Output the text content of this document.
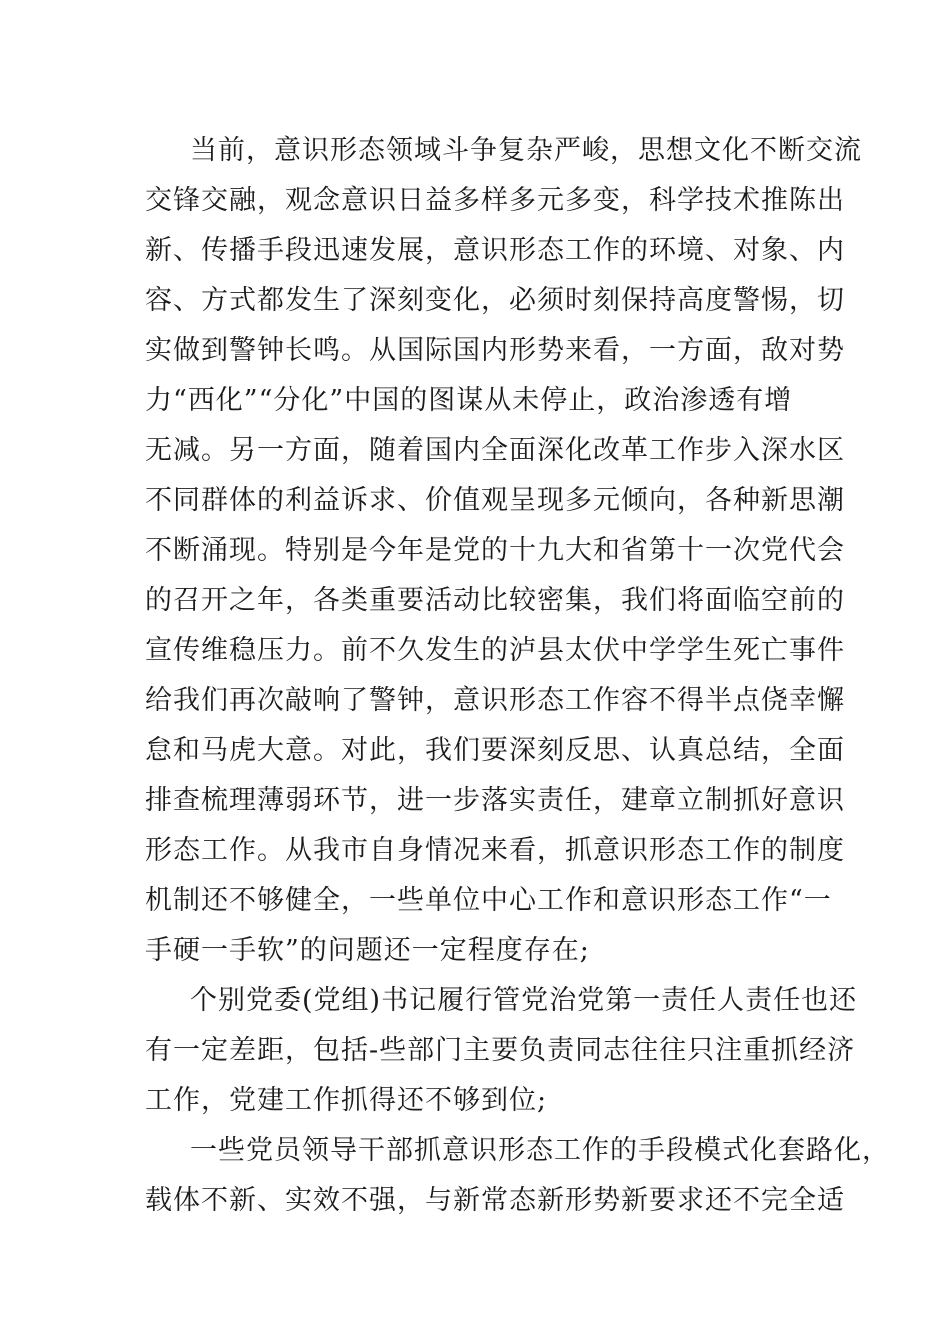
当前，意识形态领域斗争复杂严峻，思想文化不断交流
交锋交融，观念意识日益多样多元多变，科学技术推陈出
新、传播手段迅速发展，意识形态工作的环境、对象、内
容、方式都发生了深刻变化，必须时刻保持高度警惕，切
实做到警钟长鸣。从国际国内形势来看，一方面，敌对势
力“西化”“分化”中国的图谋从未停止，政治渗透有增
无减。另一方面，随着国内全面深化改革工作步入深水区
不同群体的利益诉求、价值观呈现多元倾向，各种新思潮
不断涌现。特别是今年是党的十九大和省第十一次党代会
的召开之年，各类重要活动比较密集，我们将面临空前的
宣传维稳压力。前不久发生的泸县太伏中学学生死亡事件
给我们再次敲响了警钟，意识形态工作容不得半点侥幸懈
怠和马虎大意。对此，我们要深刻反思、认真总结，全面
排查梳理薄弱环节，进一步落实责任，建章立制抓好意识
形态工作。从我市自身情况来看，抓意识形态工作的制度
机制还不够健全，一些单位中心工作和意识形态工作“一
手硬一手软”的问题还一定程度存在;
个别党委(党组)书记履行管党治党第一责任人责任也还
有一定差距，包括-些部门主要负责同志往往只注重抓经济
工作，党建工作抓得还不够到位;
一些党员领导干部抓意识形态工作的手段模式化套路化，
载体不新、实效不强，与新常态新形势新要求还不完全适
